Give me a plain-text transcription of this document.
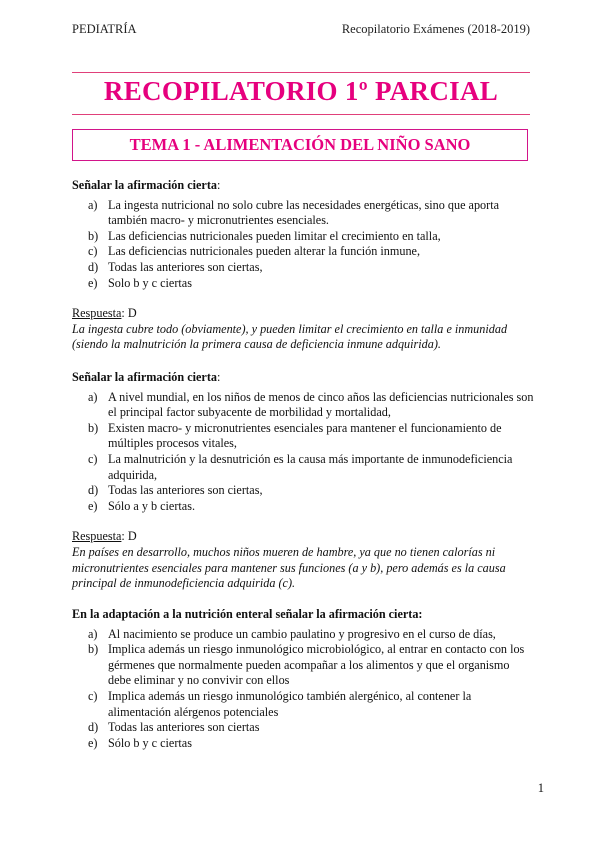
PEDIATRÍA	Recopilatorio Exámenes (2018-2019)
RECOPILATORIO 1º PARCIAL
TEMA 1 - ALIMENTACIÓN DEL NIÑO SANO
Señalar la afirmación cierta:
a) La ingesta nutricional no solo cubre las necesidades energéticas, sino que aporta también macro- y micronutrientes esenciales.
b) Las deficiencias nutricionales pueden limitar el crecimiento en talla,
c) Las deficiencias nutricionales pueden alterar la función inmune,
d) Todas las anteriores son ciertas,
e) Solo b y c ciertas
Respuesta: D
La ingesta cubre todo (obviamente), y pueden limitar el crecimiento en talla e inmunidad (siendo la malnutrición la primera causa de deficiencia inmune adquirida).
Señalar la afirmación cierta:
a) A nivel mundial, en los niños de menos de cinco años las deficiencias nutricionales son el principal factor subyacente de morbilidad y mortalidad,
b) Existen macro- y micronutrientes esenciales para mantener el funcionamiento de múltiples procesos vitales,
c) La malnutrición y la desnutrición es la causa más importante de inmunodeficiencia adquirida,
d) Todas las anteriores son ciertas,
e) Sólo a y b ciertas.
Respuesta: D
En países en desarrollo, muchos niños mueren de hambre, ya que no tienen calorías ni micronutrientes esenciales para mantener sus funciones (a y b), pero además es la causa principal de inmunodeficiencia adquirida (c).
En la adaptación a la nutrición enteral señalar la afirmación cierta:
a) Al nacimiento se produce un cambio paulatino y progresivo en el curso de días,
b) Implica además un riesgo inmunológico microbiológico, al entrar en contacto con los gérmenes que normalmente pueden acompañar a los alimentos y que el organismo debe eliminar y no convivir con ellos
c) Implica además un riesgo inmunológico también alergénico, al contener la alimentación alérgenos potenciales
d) Todas las anteriores son ciertas
e) Sólo b y c ciertas
1
